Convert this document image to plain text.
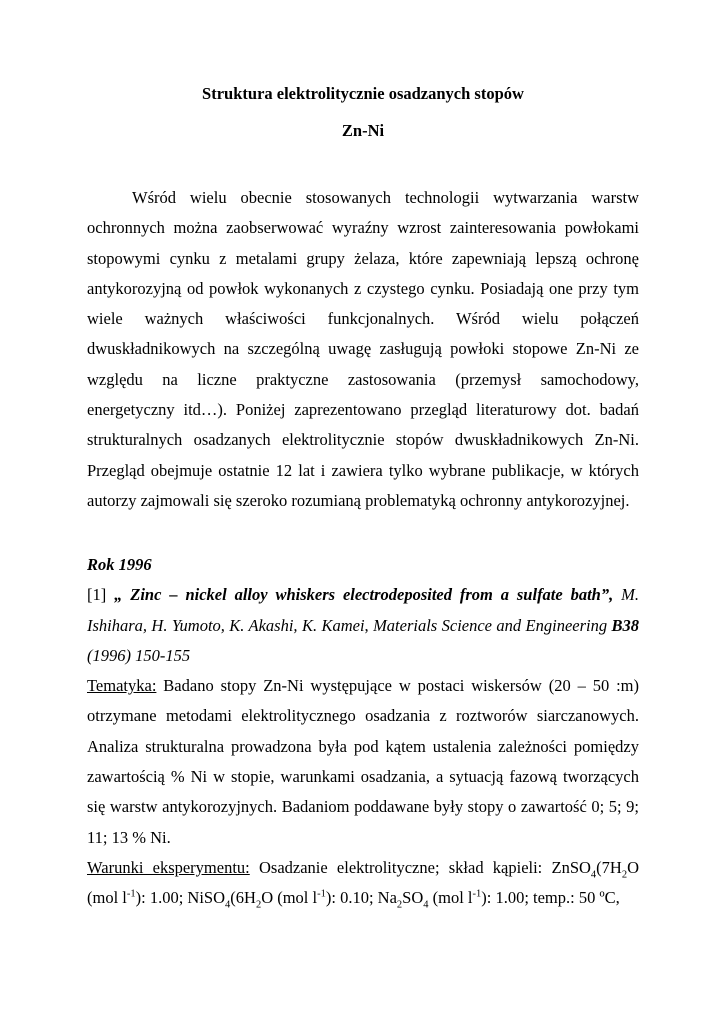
Struktura elektrolitycznie osadzanych stopów

Zn-Ni

Wśród wielu obecnie stosowanych technologii wytwarzania warstw ochronnych można zaobserwować wyraźny wzrost zainteresowania powłokami stopowymi cynku z metalami grupy żelaza, które zapewniają lepszą ochronę antykorozyjną od powłok wykonanych z czystego cynku. Posiadają one przy tym wiele ważnych właściwości funkcjonalnych. Wśród wielu połączeń dwuskładnikowych na szczególną uwagę zasługują powłoki stopowe Zn-Ni ze względu na liczne praktyczne zastosowania (przemysł samochodowy, energetyczny itd…). Poniżej zaprezentowano przegląd literaturowy dot. badań strukturalnych osadzanych elektrolitycznie stopów dwuskładnikowych Zn-Ni. Przegląd obejmuje ostatnie 12 lat i zawiera tylko wybrane publikacje, w których autorzy zajmowali się szeroko rozumianą problematyką ochronny antykorozyjnej.

Rok 1996

[1] „ Zinc – nickel alloy whiskers electrodeposited from a sulfate bath”, M. Ishihara, H. Yumoto, K. Akashi, K. Kamei, Materials Science and Engineering B38 (1996) 150-155

Tematyka: Badano stopy Zn-Ni występujące w postaci wiskersów (20 – 50 :m) otrzymane metodami elektrolitycznego osadzania z roztworów siarczanowych. Analiza strukturalna prowadzona była pod kątem ustalenia zależności pomiędzy zawartością % Ni w stopie, warunkami osadzania, a sytuacją fazową tworzących się warstw antykorozyjnych. Badaniom poddawane były stopy o zawartość 0; 5; 9; 11; 13 % Ni.

Warunki eksperymentu: Osadzanie elektrolityczne; skład kąpieli: $ZnSO_4(7H_2O$ (mol $l^{-1}$): 1.00; $NiSO_4(6H_2O$ (mol $l^{-1}$): 0.10; $Na_2SO_4$ (mol $l^{-1}$): 1.00; temp.: 50 ºC,
